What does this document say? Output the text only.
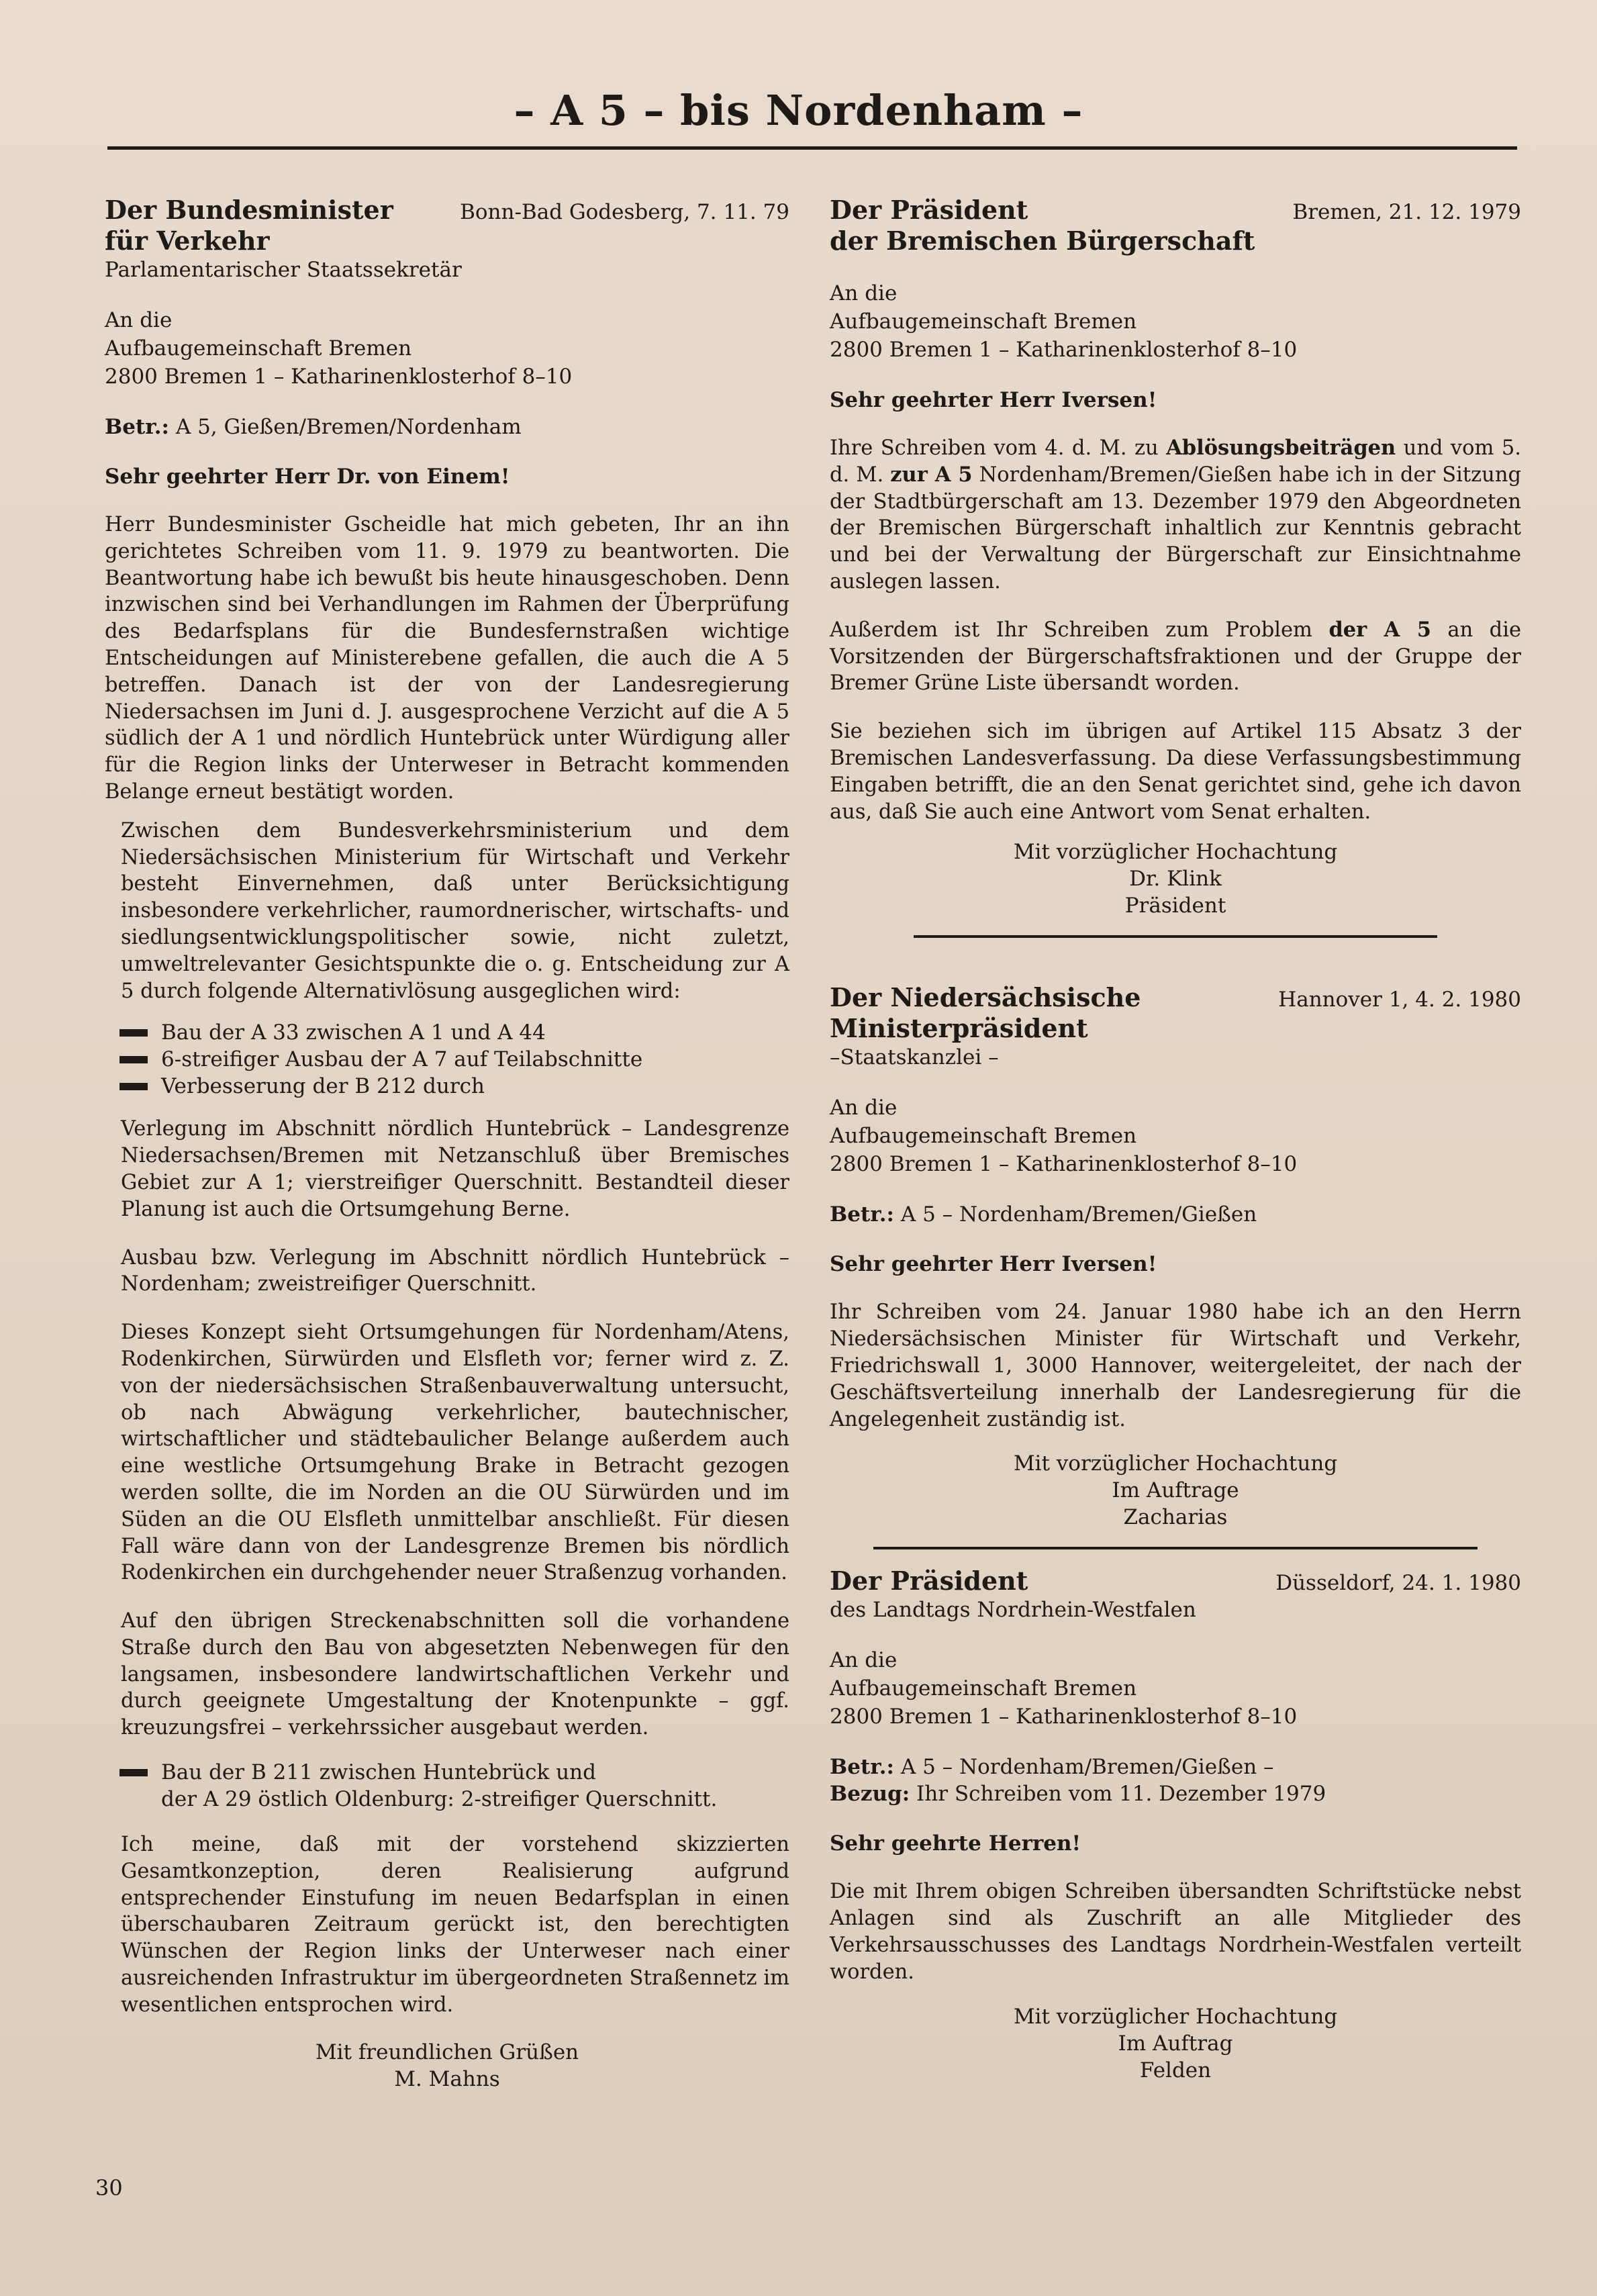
– A 5 – bis Nordenham –
Der Bundesminister
für Verkehr
Parlamentarischer Staatssekretär
Bonn-Bad Godesberg, 7. 11. 79
An die
Aufbaugemeinschaft Bremen
2800 Bremen 1 – Katharinenklosterhof 8–10
Betr.: A 5, Gießen/Bremen/Nordenham
Sehr geehrter Herr Dr. von Einem!
Herr Bundesminister Gscheidle hat mich gebeten, Ihr an ihn gerichtetes Schreiben vom 11. 9. 1979 zu beantworten. Die Beantwortung habe ich bewußt bis heute hinausgeschoben. Denn inzwischen sind bei Verhandlungen im Rahmen der Überprüfung des Bedarfsplans für die Bundesfernstraßen wichtige Entscheidungen auf Ministerebene gefallen, die auch die A 5 betreffen. Danach ist der von der Landesregierung Niedersachsen im Juni d. J. ausgesprochene Verzicht auf die A 5 südlich der A 1 und nördlich Huntebrück unter Würdigung aller für die Region links der Unterweser in Betracht kommenden Belange erneut bestätigt worden.
Zwischen dem Bundesverkehrsministerium und dem Niedersächsischen Ministerium für Wirtschaft und Verkehr besteht Einvernehmen, daß unter Berücksichtigung insbesondere verkehrlicher, raumordnerischer, wirtschafts- und siedlungsentwicklungspolitischer sowie, nicht zuletzt, umweltrelevanter Gesichtspunkte die o. g. Entscheidung zur A 5 durch folgende Alternativlösung ausgeglichen wird:
Bau der A 33 zwischen A 1 und A 44
6-streifiger Ausbau der A 7 auf Teilabschnitte
Verbesserung der B 212 durch
Verlegung im Abschnitt nördlich Huntebrück – Landesgrenze Niedersachsen/Bremen mit Netzanschluß über Bremisches Gebiet zur A 1; vierstreifiger Querschnitt. Bestandteil dieser Planung ist auch die Ortsumgehung Berne.
Ausbau bzw. Verlegung im Abschnitt nördlich Huntebrück – Nordenham; zweistreifiger Querschnitt.
Dieses Konzept sieht Ortsumgehungen für Nordenham/Atens, Rodenkirchen, Sürwürden und Elsfleth vor; ferner wird z. Z. von der niedersächsischen Straßenbauverwaltung untersucht, ob nach Abwägung verkehrlicher, bautechnischer, wirtschaftlicher und städtebaulicher Belange außerdem auch eine westliche Ortsumgehung Brake in Betracht gezogen werden sollte, die im Norden an die OU Sürwürden und im Süden an die OU Elsfleth unmittelbar anschließt. Für diesen Fall wäre dann von der Landesgrenze Bremen bis nördlich Rodenkirchen ein durchgehender neuer Straßenzug vorhanden.
Auf den übrigen Streckenabschnitten soll die vorhandene Straße durch den Bau von abgesetzten Nebenwegen für den langsamen, insbesondere landwirtschaftlichen Verkehr und durch geeignete Umgestaltung der Knotenpunkte – ggf. kreuzungsfrei – verkehrssicher ausgebaut werden.
Bau der B 211 zwischen Huntebrück und
der A 29 östlich Oldenburg: 2-streifiger Querschnitt.
Ich meine, daß mit der vorstehend skizzierten Gesamtkonzeption, deren Realisierung aufgrund entsprechender Einstufung im neuen Bedarfsplan in einen überschaubaren Zeitraum gerückt ist, den berechtigten Wünschen der Region links der Unterweser nach einer ausreichenden Infrastruktur im übergeordneten Straßennetz im wesentlichen entsprochen wird.
Mit freundlichen Grüßen
M. Mahns
Der Präsident
der Bremischen Bürgerschaft
Bremen, 21. 12. 1979
An die
Aufbaugemeinschaft Bremen
2800 Bremen 1 – Katharinenklosterhof 8–10
Sehr geehrter Herr Iversen!
Ihre Schreiben vom 4. d. M. zu Ablösungsbeiträgen und vom 5. d. M. zur A 5 Nordenham/Bremen/Gießen habe ich in der Sitzung der Stadtbürgerschaft am 13. Dezember 1979 den Abgeordneten der Bremischen Bürgerschaft inhaltlich zur Kenntnis gebracht und bei der Verwaltung der Bürgerschaft zur Einsichtnahme auslegen lassen.
Außerdem ist Ihr Schreiben zum Problem der A 5 an die Vorsitzenden der Bürgerschaftsfraktionen und der Gruppe der Bremer Grüne Liste übersandt worden.
Sie beziehen sich im übrigen auf Artikel 115 Absatz 3 der Bremischen Landesverfassung. Da diese Verfassungsbestimmung Eingaben betrifft, die an den Senat gerichtet sind, gehe ich davon aus, daß Sie auch eine Antwort vom Senat erhalten.
Mit vorzüglicher Hochachtung
Dr. Klink
Präsident
Der Niedersächsische
Ministerpräsident
–Staatskanzlei –
Hannover 1, 4. 2. 1980
An die
Aufbaugemeinschaft Bremen
2800 Bremen 1 – Katharinenklosterhof 8–10
Betr.: A 5 – Nordenham/Bremen/Gießen
Sehr geehrter Herr Iversen!
Ihr Schreiben vom 24. Januar 1980 habe ich an den Herrn Niedersächsischen Minister für Wirtschaft und Verkehr, Friedrichswall 1, 3000 Hannover, weitergeleitet, der nach der Geschäftsverteilung innerhalb der Landesregierung für die Angelegenheit zuständig ist.
Mit vorzüglicher Hochachtung
Im Auftrage
Zacharias
Der Präsident
des Landtags Nordrhein-Westfalen
Düsseldorf, 24. 1. 1980
An die
Aufbaugemeinschaft Bremen
2800 Bremen 1 – Katharinenklosterhof 8–10
Betr.: A 5 – Nordenham/Bremen/Gießen –
Bezug: Ihr Schreiben vom 11. Dezember 1979
Sehr geehrte Herren!
Die mit Ihrem obigen Schreiben übersandten Schriftstücke nebst Anlagen sind als Zuschrift an alle Mitglieder des Verkehrsausschusses des Landtags Nordrhein-Westfalen verteilt worden.
Mit vorzüglicher Hochachtung
Im Auftrag
Felden
30
